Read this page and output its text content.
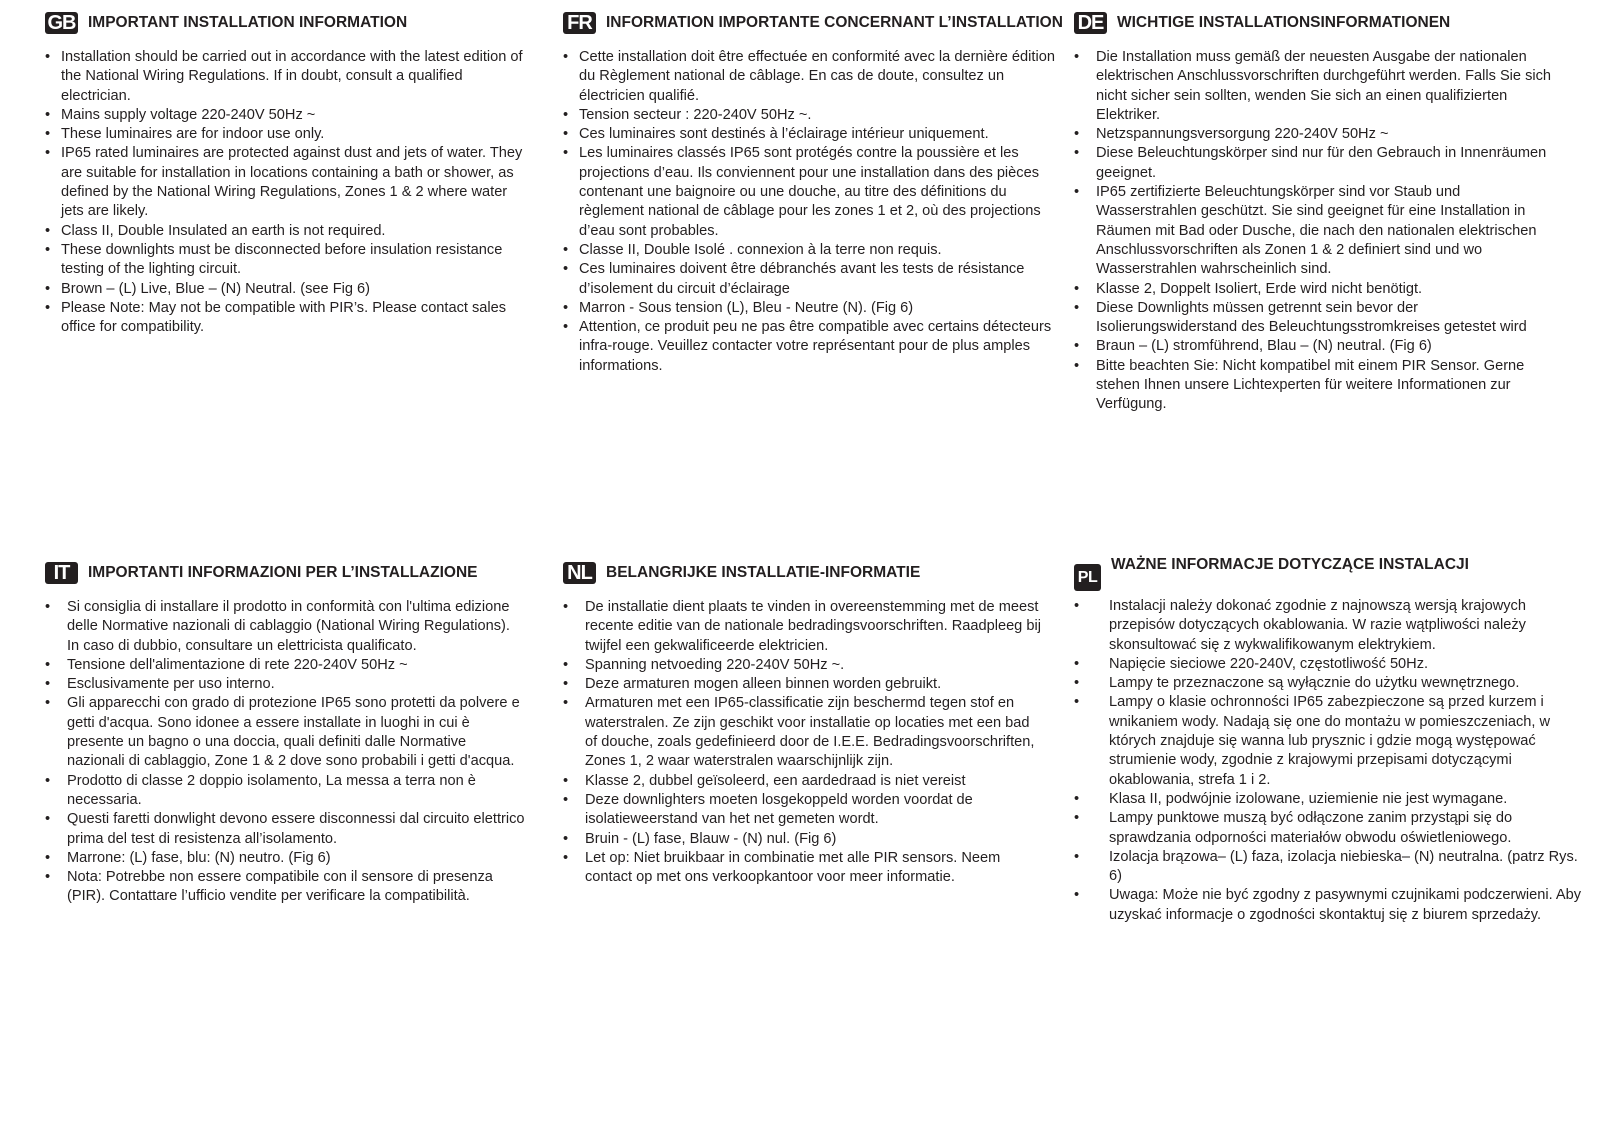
GB IMPORTANT INSTALLATION INFORMATION
• Installation should be carried out in accordance with the latest edition of the National Wiring Regulations. If in doubt, consult a qualified electrician.
• Mains supply voltage 220-240V 50Hz ~
• These luminaires are for indoor use only.
• IP65 rated luminaires are protected against dust and jets of water. They are suitable for installation in locations containing a bath or shower, as defined by the National Wiring Regulations, Zones 1 & 2 where water jets are likely.
• Class II, Double Insulated an earth is not required.
• These downlights must be disconnected before insulation resistance testing of the lighting circuit.
• Brown – (L) Live, Blue – (N) Neutral. (see Fig 6)
• Please Note: May not be compatible with PIR’s. Please contact sales office for compatibility.
FR INFORMATION IMPORTANTE CONCERNANT L’INSTALLATION
• Cette installation doit être effectuée en conformité avec la dernière édition du Règlement national de câblage. En cas de doute, consultez un électricien qualifié.
• Tension secteur : 220-240V 50Hz ~.
• Ces luminaires sont destinés à l’éclairage intérieur uniquement.
• Les luminaires classés IP65 sont protégés contre la poussière et les projections d’eau. Ils conviennent pour une installation dans des pièces contenant une baignoire ou une douche, au titre des définitions du règlement national de câblage pour les zones 1 et 2, où des projections d’eau sont probables.
• Classe II, Double Isolé . connexion à la terre non requis.
• Ces luminaires doivent être débranchés avant les tests de résistance d’isolement du circuit d’éclairage
• Marron - Sous tension (L), Bleu - Neutre (N). (Fig 6)
• Attention, ce produit peu ne pas être compatible avec certains détecteurs infra-rouge. Veuillez contacter votre représentant pour de plus amples informations.
DE WICHTIGE INSTALLATIONSINFORMATIONEN
• Die Installation muss gemäß der neuesten Ausgabe der nationalen elektrischen Anschlussvorschriften durchgeführt werden. Falls Sie sich nicht sicher sein sollten, wenden Sie sich an einen qualifizierten Elektriker.
• Netzspannungsversorgung 220-240V 50Hz ~
• Diese Beleuchtungskörper sind nur für den Gebrauch in Innenräumen geeignet.
• IP65 zertifizierte Beleuchtungskörper sind vor Staub und Wasserstrahlen geschützt. Sie sind geeignet für eine Installation in Räumen mit Bad oder Dusche, die nach den nationalen elektrischen Anschlussvorschriften als Zonen 1 & 2 definiert sind und wo Wasserstrahlen wahrscheinlich sind.
• Klasse 2, Doppelt Isoliert, Erde wird nicht benötigt.
• Diese Downlights müssen getrennt sein bevor der Isolierungswiderstand des Beleuchtungsstromkreises getestet wird
• Braun – (L) stromführend, Blau – (N) neutral. (Fig 6)
• Bitte beachten Sie: Nicht kompatibel mit einem PIR Sensor. Gerne stehen Ihnen unsere Lichtexperten für weitere Informationen zur Verfügung.
IT	IMPORTANTI INFORMAZIONI PER L’INSTALLAZIONE
• Si consiglia di installare il prodotto in conformità con l'ultima edizione delle Normative nazionali di cablaggio (National Wiring Regulations). In caso di dubbio, consultare un elettricista qualificato.
• Tensione dell'alimentazione di rete 220-240V 50Hz ~
• Esclusivamente per uso interno.
• Gli apparecchi con grado di protezione IP65 sono protetti da polvere e getti d'acqua. Sono idonee a essere installate in luoghi in cui è presente un bagno o una doccia, quali definiti dalle Normative nazionali di cablaggio, Zone 1 & 2 dove sono probabili i getti d'acqua.
• Prodotto di classe 2 doppio isolamento, La messa a terra non è necessaria.
• Questi faretti donwlight devono essere disconnessi dal circuito elettrico prima del test di resistenza all’isolamento.
• Marrone: (L) fase, blu: (N) neutro. (Fig 6)
• Nota: Potrebbe non essere compatibile con il sensore di presenza (PIR). Contattare l’ufficio vendite per verificare la compatibilità.
NL BELANGRIJKE INSTALLATIE-INFORMATIE
• De installatie dient plaats te vinden in overeenstemming met de meest recente editie van de nationale bedradingsvoorschriften. Raadpleeg bij twijfel een gekwalificeerde elektricien.
• Spanning netvoeding 220-240V 50Hz ~.
• Deze armaturen mogen alleen binnen worden gebruikt.
• Armaturen met een IP65-classificatie zijn beschermd tegen stof en waterstralen. Ze zijn geschikt voor installatie op locaties met een bad of douche, zoals gedefinieerd door de I.E.E. Bedradingsvoorschriften, Zones 1, 2 waar waterstralen waarschijnlijk zijn.
• Klasse 2, dubbel geïsoleerd, een aardedraad is niet vereist
• Deze downlighters moeten losgekoppeld worden voordat de isolatieweerstand van het net gemeten wordt.
• Bruin - (L) fase, Blauw - (N) nul. (Fig 6)
• Let op: Niet bruikbaar in combinatie met alle PIR sensors. Neem contact op met ons verkoopkantoor voor meer informatie.
PL
WAŻNE INFORMACJE DOTYCZĄCE INSTALACJI
• Instalacji należy dokonać zgodnie z najnowszą wersją krajowych przepisów dotyczących okablowania. W razie wątpliwości należy skonsultować się z wykwalifikowanym elektrykiem.
• Napięcie sieciowe 220-240V, częstotliwość 50Hz.
• Lampy te przeznaczone są wyłącznie do użytku wewnętrznego.
• Lampy o klasie ochronności IP65 zabezpieczone są przed kurzem i wnikaniem wody. Nadają się one do montażu w pomieszczeniach, w których znajduje się wanna lub prysznic i gdzie mogą występować strumienie wody, zgodnie z krajowymi przepisami dotyczącymi okablowania, strefa 1 i 2.
• Klasa II, podwójnie izolowane, uziemienie nie jest wymagane.
• Lampy punktowe muszą być odłączone zanim przystąpi się do sprawdzania odporności materiałów obwodu oświetleniowego.
• Izolacja brązowa– (L) faza, izolacja niebieska– (N) neutralna. (patrz Rys. 6)
• Uwaga: Może nie być zgodny z pasywnymi czujnikami podczerwieni. Aby uzyskać informacje o zgodności skontaktuj się z biurem sprzedaży.
